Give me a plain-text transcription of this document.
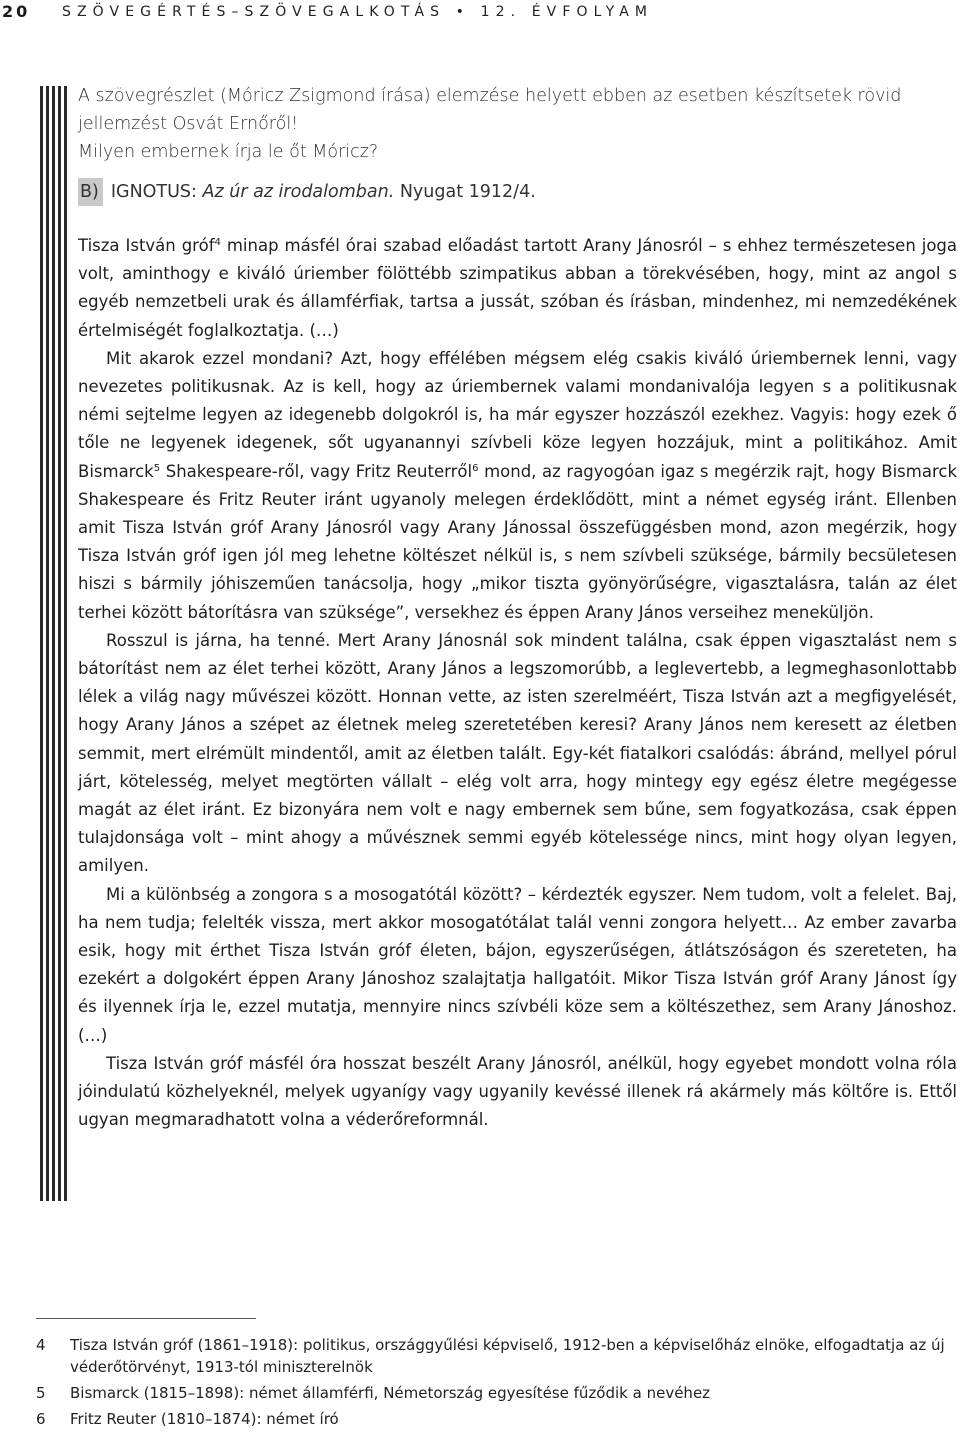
20 SZÖVEGÉRTÉS–SZÖVEGALKOTÁS • 12. ÉVFOLYAM

A szövegrészlet (Móricz Zsigmond írása) elemzése helyett ebben az esetben készítsetek rövid jellemzést Osvát Ernőről!

Milyen embernek írja le őt Móricz?

B) IGNOTUS: Az úr az irodalomban. Nyugat 1912/4.

Tisza István gróf$^4$ minap másfél órai szabad előadást tartott Arany Jánosról – s ehhez természetesen joga volt, aminthogy e kiváló úriember fölöttébb szimpatikus abban a törekvésében, hogy, mint az angol s egyéb nemzetbeli urak és államférfiak, tartsa a jussát, szóban és írásban, mindenhez, mi nemzedékének értelmiségét foglalkoztatja. (…)

Mit akarok ezzel mondani? Azt, hogy effélében mégsem elég csakis kiváló úriembernek lenni, vagy nevezetes politikusnak. Az is kell, hogy az úriembernek valami mondanivalója legyen s a politikusnak némi sejtelme legyen az idegenebb dolgokról is, ha már egyszer hozzászól ezekhez. Vagyis: hogy ezek ő tőle ne legyenek idegenek, sőt ugyanannyi szívbeli köze legyen hozzájuk, mint a politikához. Amit Bismarck$^5$ Shakespeare-ről, vagy Fritz Reuterről$^6$ mond, az ragyogóan igaz s megérzik rajt, hogy Bismarck Shakespeare és Fritz Reuter iránt ugyanoly melegen érdeklődött, mint a német egység iránt. Ellenben amit Tisza István gróf Arany Jánosról vagy Arany Jánossal összefüggésben mond, azon megérzik, hogy Tisza István gróf igen jól meg lehetne költészet nélkül is, s nem szívbeli szüksége, bármily becsületesen hiszi s bármily jóhiszeműen tanácsolja, hogy „mikor tiszta gyönyörűségre, vigasztalásra, talán az élet terhei között bátorításra van szüksége”, versekhez és éppen Arany János verseihez meneküljön.

Rosszul is járna, ha tenné. Mert Arany Jánosnál sok mindent találna, csak éppen vigasztalást nem s bátorítást nem az élet terhei között, Arany János a legszomorúbb, a leglevertebb, a legmeghasonlottabb lélek a világ nagy művészei között. Honnan vette, az isten szerelméért, Tisza István azt a megfigyelését, hogy Arany János a szépet az életnek meleg szeretetében keresi? Arany János nem keresett az életben semmit, mert elrémült mindentől, amit az életben talált. Egy-két fiatalkori csalódás: ábránd, mellyel pórul járt, kötelesség, melyet megtörten vállalt – elég volt arra, hogy mintegy egy egész életre megégesse magát az élet iránt. Ez bizonyára nem volt e nagy embernek sem bűne, sem fogyatkozása, csak éppen tulajdonsága volt – mint ahogy a művésznek semmi egyéb kötelessége nincs, mint hogy olyan legyen, amilyen.

Mi a különbség a zongora s a mosogatótál között? – kérdezték egyszer. Nem tudom, volt a felelet. Baj, ha nem tudja; felelték vissza, mert akkor mosogatótálat talál venni zongora helyett… Az ember zavarba esik, hogy mit érthet Tisza István gróf életen, bájon, egyszerűségen, átlátszóságon és szereteten, ha ezekért a dolgokért éppen Arany Jánoshoz szalajtatja hallgatóit. Mikor Tisza István gróf Arany Jánost így és ilyennek írja le, ezzel mutatja, mennyire nincs szívbéli köze sem a költészethez, sem Arany Jánoshoz. (…)

Tisza István gróf másfél óra hosszat beszélt Arany Jánosról, anélkül, hogy egyebet mondott volna róla jóindulatú közhelyeknél, melyek ugyanígy vagy ugyanily kevéssé illenek rá akármely más költőre is. Ettől ugyan megmaradhatott volna a véderőreformnál.

4 Tisza István gróf (1861–1918): politikus, országgyűlési képviselő, 1912-ben a képviselőház elnöke, elfogadtatja az új véderőtörvényt, 1913-tól miniszterelnök
5 Bismarck (1815–1898): német államférfi, Németország egyesítése fűződik a nevéhez
6 Fritz Reuter (1810–1874): német író
